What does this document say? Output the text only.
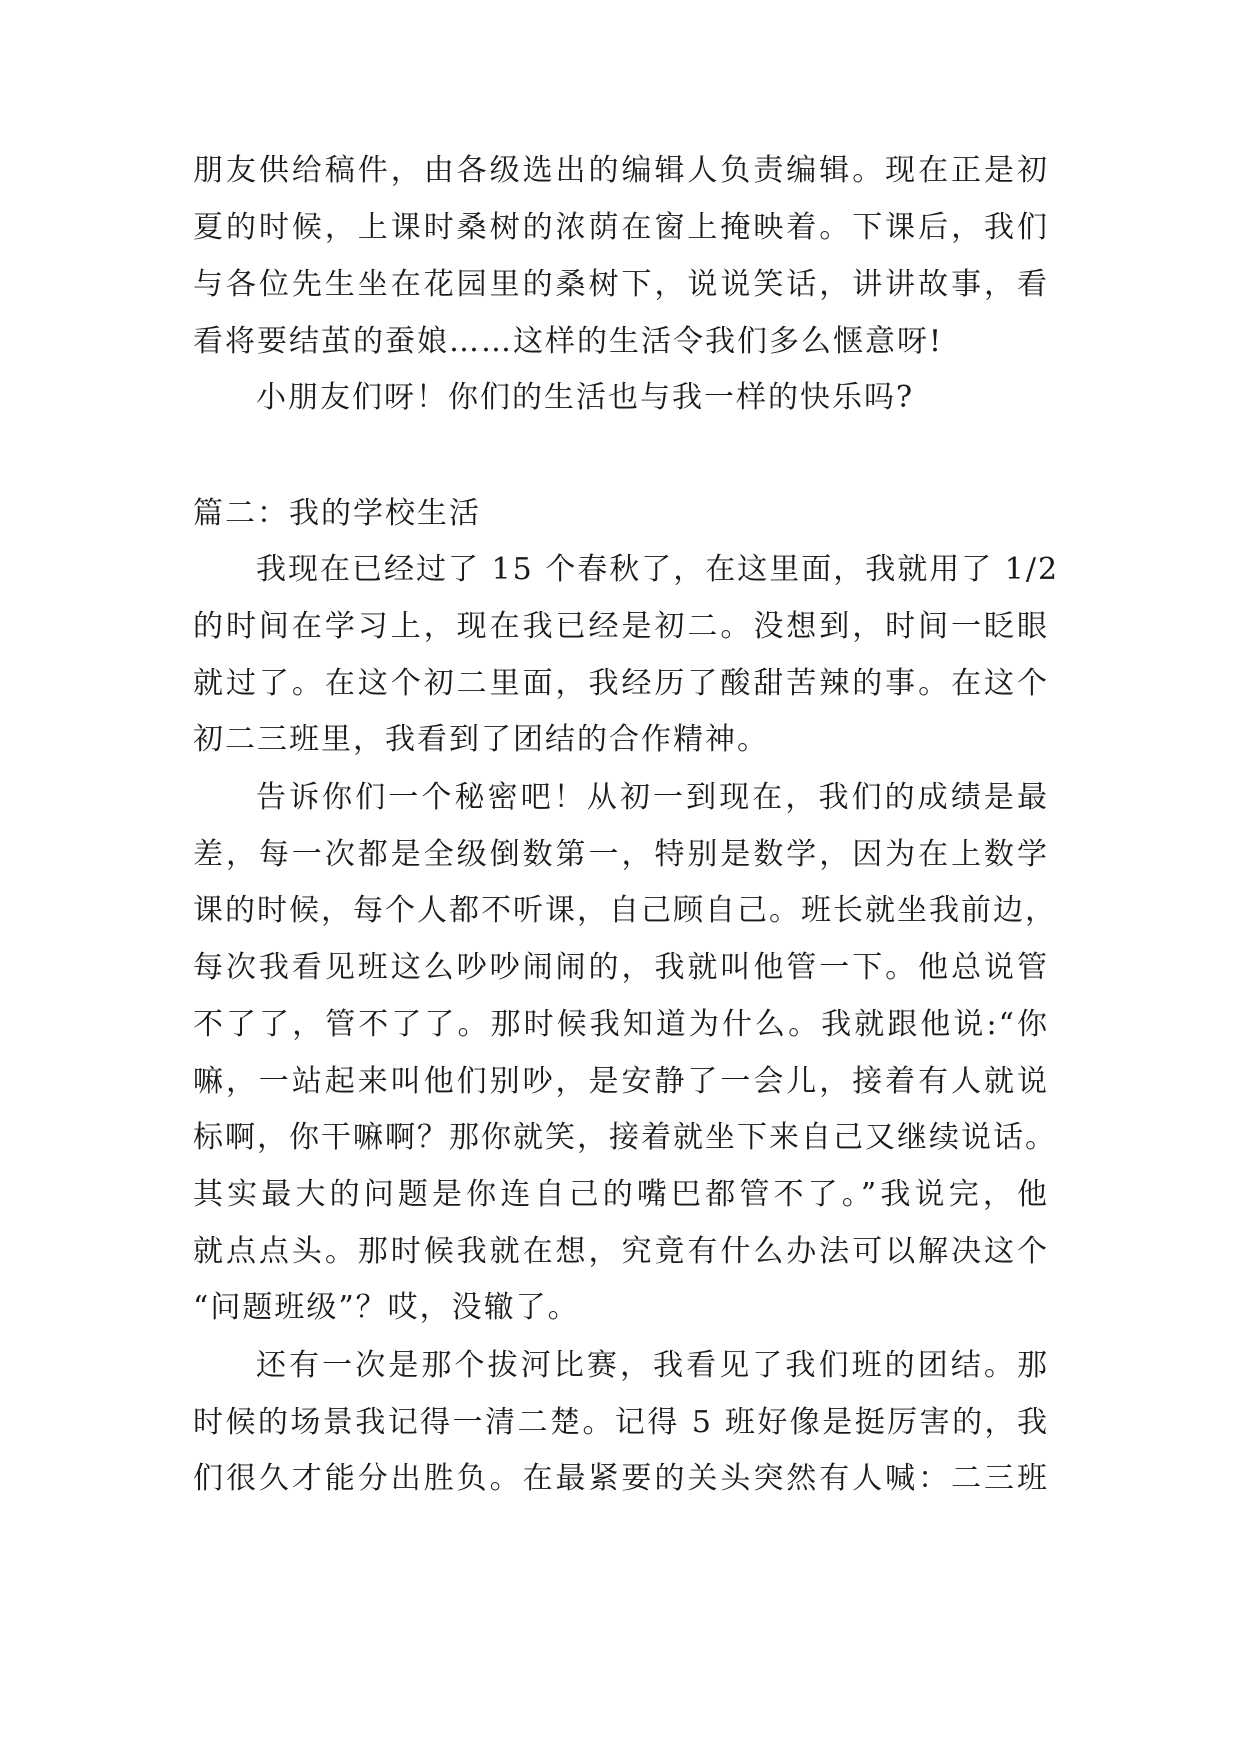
朋友供给稿件，由各级选出的编辑人负责编辑。现在正是初
夏的时候，上课时桑树的浓荫在窗上掩映着。下课后，我们
与各位先生坐在花园里的桑树下，说说笑话，讲讲故事，看
看将要结茧的蚕娘……这样的生活令我们多么惬意呀!
小朋友们呀！你们的生活也与我一样的快乐吗?
篇二：我的学校生活
我现在已经过了 15 个春秋了，在这里面，我就用了 1/2
的时间在学习上，现在我已经是初二。没想到，时间一眨眼
就过了。在这个初二里面，我经历了酸甜苦辣的事。在这个
初二三班里，我看到了团结的合作精神。
告诉你们一个秘密吧！从初一到现在，我们的成绩是最
差，每一次都是全级倒数第一，特别是数学，因为在上数学
课的时候，每个人都不听课，自己顾自己。班长就坐我前边，
每次我看见班这么吵吵闹闹的，我就叫他管一下。他总说管
不了了，管不了了。那时候我知道为什么。我就跟他说:“你
嘛，一站起来叫他们别吵，是安静了一会儿，接着有人就说
标啊，你干嘛啊？那你就笑，接着就坐下来自己又继续说话。
其实最大的问题是你连自己的嘴巴都管不了。”我说完，他
就点点头。那时候我就在想，究竟有什么办法可以解决这个
“问题班级”？哎，没辙了。
还有一次是那个拔河比赛，我看见了我们班的团结。那
时候的场景我记得一清二楚。记得 5 班好像是挺厉害的，我
们很久才能分出胜负。在最紧要的关头突然有人喊：二三班
